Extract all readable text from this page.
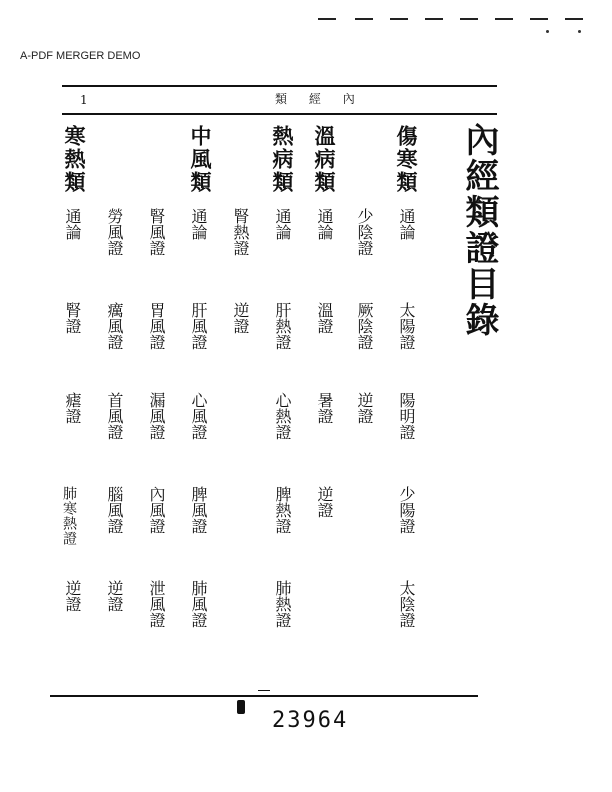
A-PDF MERGER DEMO
1	類 經 內
內經類證目錄
傷寒類
通論
太陽證
陽明證
少陽證
太陰證
少陰證
厥陰證
逆證
溫病類
通論
溫證
暑證
逆證
熱病類
通論
肝熱證
心熱證
脾熱證
肺熱證
腎熱證
逆證
中風類
通論
肝風證
心風證
脾風證
肺風證
腎風證
胃風證
漏風證
內風證
泄風證
勞風證
癘風證
首風證
腦風證
逆證
寒熱類
通論
腎證
瘧證
肺寒熱證
逆證
23964
